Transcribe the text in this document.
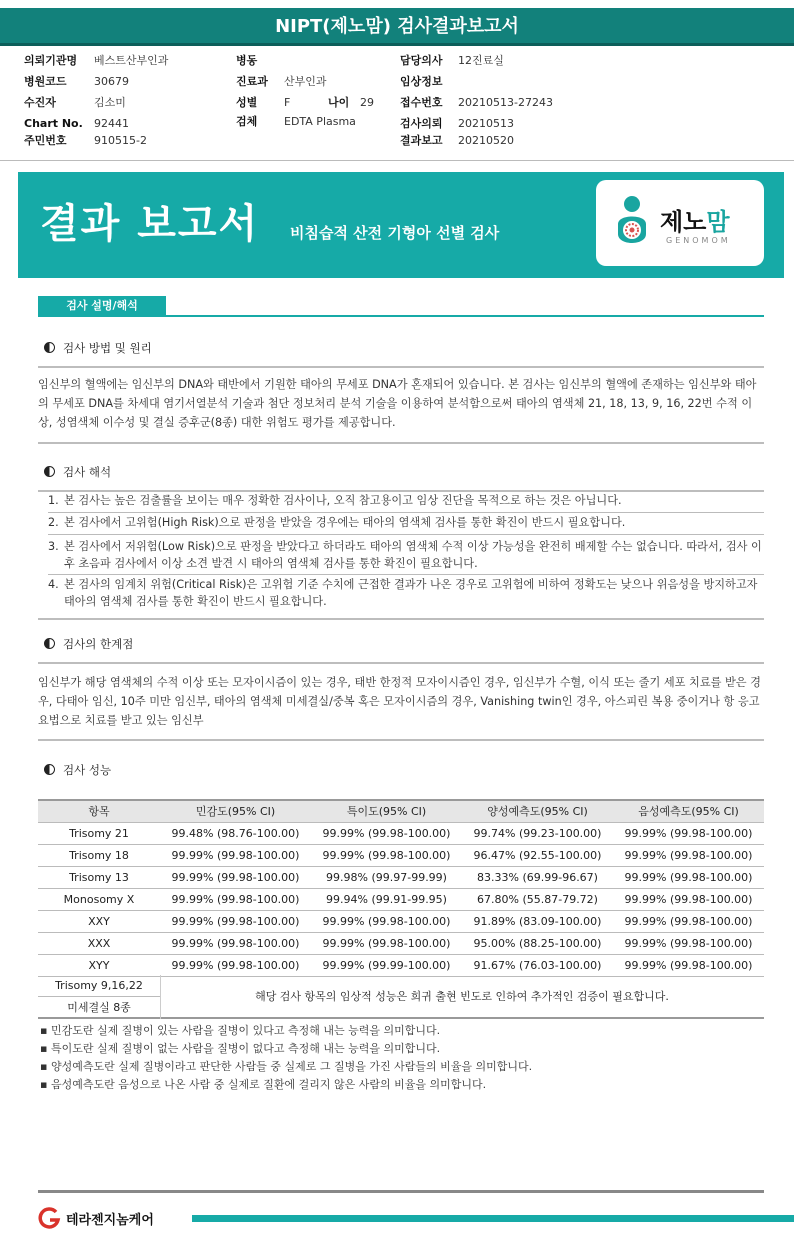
NIPT(제노맘) 검사결과보고서
의뢰기관명 베스트산부인과
병원코드 30679
수진자	김소미
Chart No. 92441
주민번호 910515-2
병동
진료과 산부인과
성별 F	나이 29
검체 EDTA Plasma
담당의사 12진료실
임상정보
접수번호 20210513-27243
검사의뢰 20210513
결과보고 20210520
결과 보고서 비침습적 산전 기형아 선별 검사	제노맘
GENOMOM
검사 설명/해석
검사 방법 및 원리
임신부의 혈액에는 임신부의 DNA와 태반에서 기원한 태아의 무세포 DNA가 혼재되어 있습니다. 본 검사는 임신부의 혈액에 존재하는 임신부와 태아의 무세포 DNA를 차세대 염기서열분석 기술과 첨단 정보처리 분석 기술을 이용하여 분석함으로써 태아의 염색체 21, 18, 13, 9, 16, 22번 수적 이상, 성염색체 이수성 및 결실 증후군(8종) 대한 위험도 평가를 제공합니다.
검사 해석
1. 본 검사는 높은 검출률을 보이는 매우 정확한 검사이나, 오직 참고용이고 임상 진단을 목적으로 하는 것은 아닙니다.
2. 본 검사에서 고위험(High Risk)으로 판정을 받았을 경우에는 태아의 염색체 검사를 통한 확진이 반드시 필요합니다.
3. 본 검사에서 저위험(Low Risk)으로 판정을 받았다고 하더라도 태아의 염색체 수적 이상 가능성을 완전히 배제할 수는 없습니다. 따라서, 검사 이후 초음파 검사에서 이상 소견 발견 시 태아의 염색체 검사를 통한 확진이 필요합니다.
4. 본 검사의 임계치 위험(Critical Risk)은 고위험 기준 수치에 근접한 결과가 나온 경우로 고위험에 비하여 정확도는 낮으나 위음성을 방지하고자 태아의 염색체 검사를 통한 확진이 반드시 필요합니다.
검사의 한계점
임신부가 해당 염색체의 수적 이상 또는 모자이시즘이 있는 경우, 태반 한정적 모자이시즘인 경우, 임신부가 수혈, 이식 또는 줄기 세포 치료를 받은 경우, 다태아 임신, 10주 미만 임신부, 태아의 염색체 미세결실/중복 혹은 모자이시즘의 경우, Vanishing twin인 경우, 아스피린 복용 중이거나 항 응고 요법으로 치료를 받고 있는 임신부
검사 성능
항목	민감도(95% CI)	특이도(95% CI)	양성예측도(95% CI)	음성예측도(95% CI)
Trisomy 21	99.48% (98.76-100.00)	99.99% (99.98-100.00)	99.74% (99.23-100.00)	99.99% (99.98-100.00)
Trisomy 18	99.99% (99.98-100.00)	99.99% (99.98-100.00)	96.47% (92.55-100.00)	99.99% (99.98-100.00)
Trisomy 13	99.99% (99.98-100.00)	99.98% (99.97-99.99)	83.33% (69.99-96.67)	99.99% (99.98-100.00)
Monosomy X	99.99% (99.98-100.00)	99.94% (99.91-99.95)	67.80% (55.87-79.72)	99.99% (99.98-100.00)
XXY	99.99% (99.98-100.00)	99.99% (99.98-100.00)	91.89% (83.09-100.00)	99.99% (99.98-100.00)
XXX	99.99% (99.98-100.00)	99.99% (99.98-100.00)	95.00% (88.25-100.00)	99.99% (99.98-100.00)
XYY	99.99% (99.98-100.00)	99.99% (99.99-100.00)	91.67% (76.03-100.00)	99.99% (99.98-100.00)
Trisomy 9,16,22
미세결실 8종
해당 검사 항목의 임상적 성능은 희귀 출현 빈도로 인하여 추가적인 검증이 필요합니다.
▪ 민감도란 실제 질병이 있는 사람을 질병이 있다고 측정해 내는 능력을 의미합니다.
▪ 특이도란 실제 질병이 없는 사람을 질병이 없다고 측정해 내는 능력을 의미합니다.
▪ 양성예측도란 실제 질병이라고 판단한 사람들 중 실제로 그 질병을 가진 사람들의 비율을 의미합니다.
▪ 음성예측도란 음성으로 나온 사람 중 실제로 질환에 걸리지 않은 사람의 비율을 의미합니다.
테라젠지놈케어
